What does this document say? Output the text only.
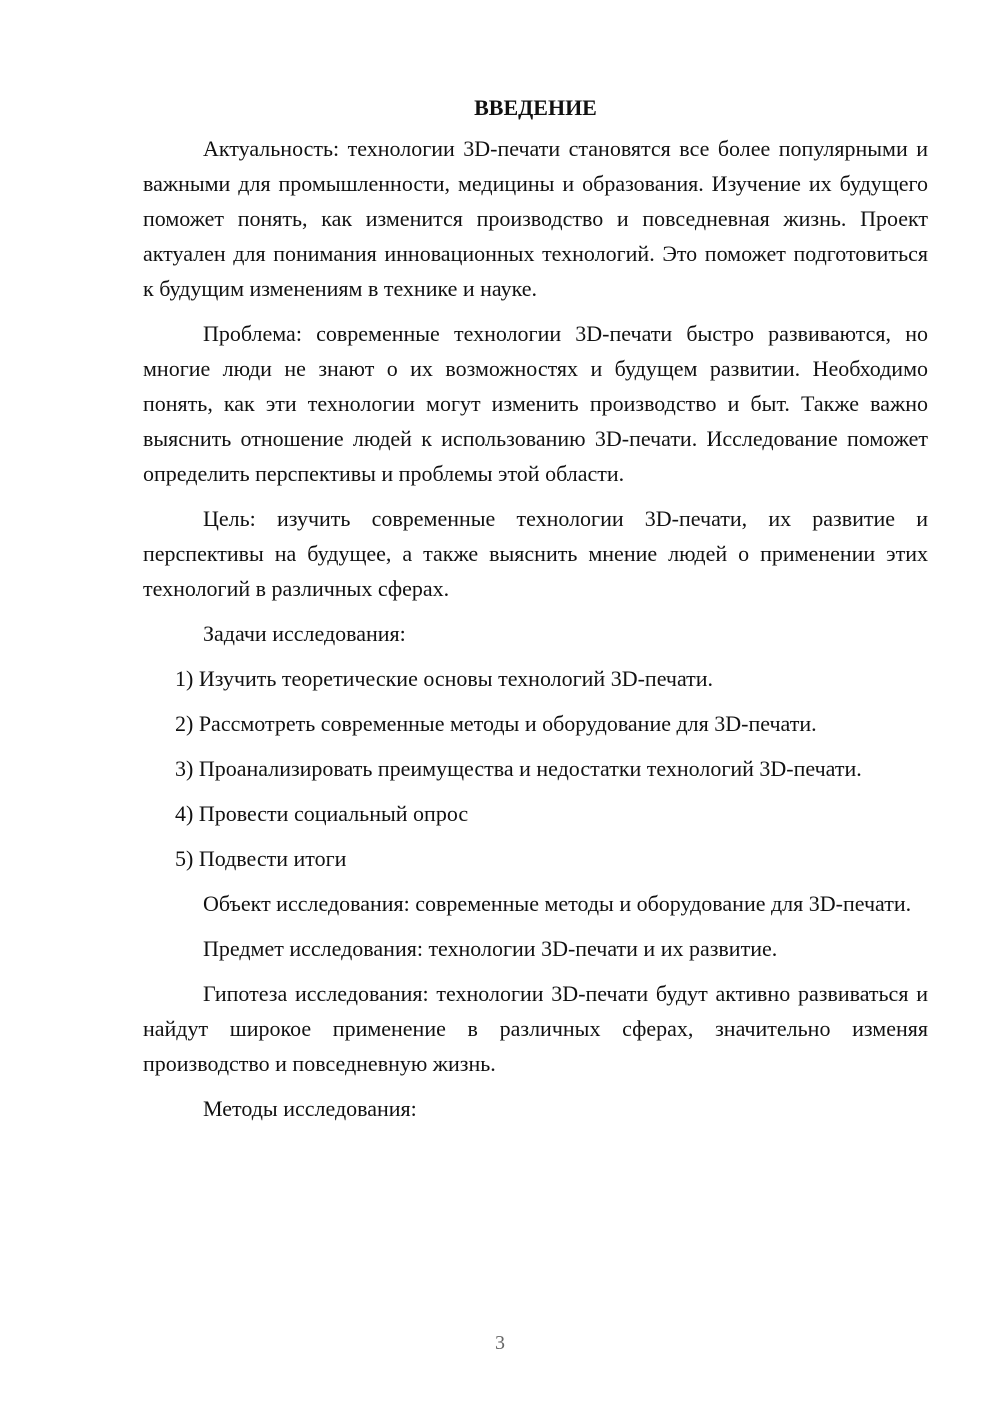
ВВЕДЕНИЕ

Актуальность: технологии 3D-печати становятся все более популярными и важными для промышленности, медицины и образования. Изучение их будущего поможет понять, как изменится производство и повседневная жизнь. Проект актуален для понимания инновационных технологий. Это поможет подготовиться к будущим изменениям в технике и науке.

Проблема: современные технологии 3D-печати быстро развиваются, но многие люди не знают о их возможностях и будущем развитии. Необходимо понять, как эти технологии могут изменить производство и быт. Также важно выяснить отношение людей к использованию 3D-печати. Исследование поможет определить перспективы и проблемы этой области.

Цель: изучить современные технологии 3D-печати, их развитие и перспективы на будущее, а также выяснить мнение людей о применении этих технологий в различных сферах.

Задачи исследования:

1) Изучить теоретические основы технологий 3D-печати.

2) Рассмотреть современные методы и оборудование для 3D-печати.

3) Проанализировать преимущества и недостатки технологий 3D-печати.

4) Провести социальный опрос

5) Подвести итоги

Объект исследования: современные методы и оборудование для 3D-печати.

Предмет исследования: технологии 3D-печати и их развитие.

Гипотеза исследования: технологии 3D-печати будут активно развиваться и найдут широкое применение в различных сферах, значительно изменяя производство и повседневную жизнь.

Методы исследования:

3
